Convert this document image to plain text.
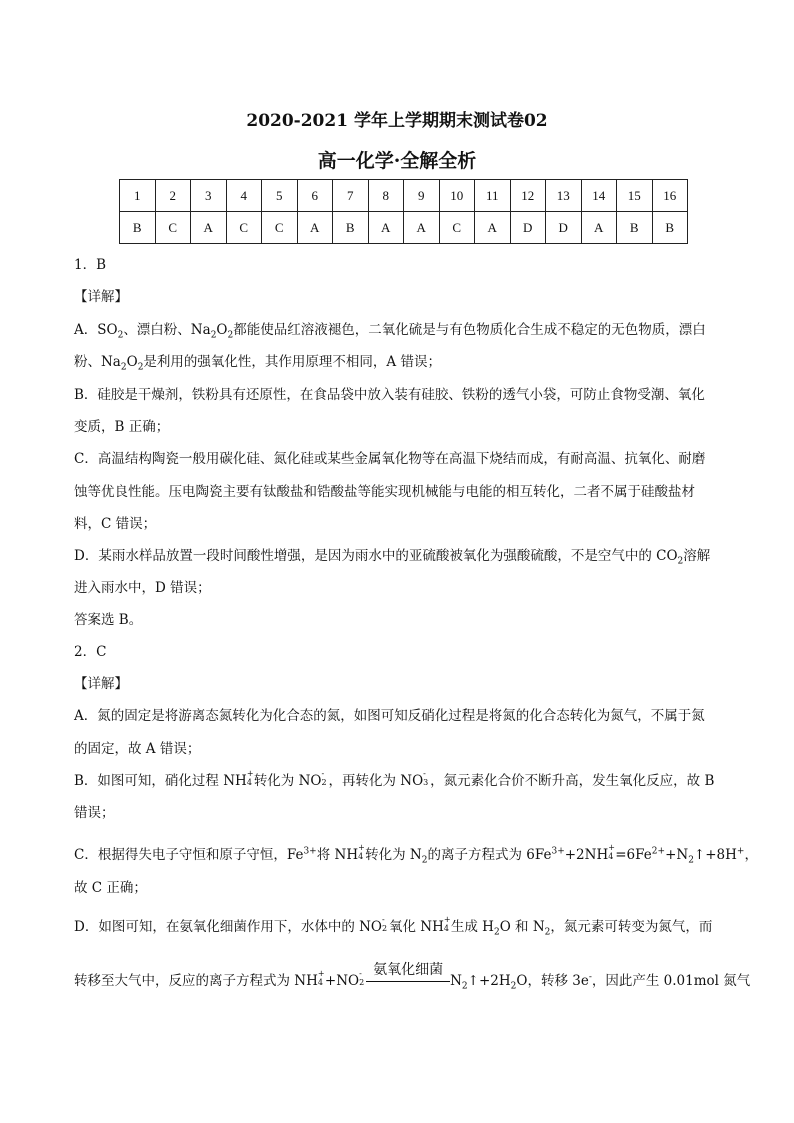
2020-2021 学年上学期期末测试卷02
高一化学·全解全析
1	2	3	4	5	6	7	8	9	10	11	12	13	14	15	16
B	C	A	C	C	A	B	A	A	C	A	D	D	A	B	B
1．B
【详解】
A．$SO_2$、漂白粉、$Na_2O_2$都能使品红溶液褪色，二氧化硫是与有色物质化合生成不稳定的无色物质，漂白
粉、$Na_2O_2$是利用的强氧化性，其作用原理不相同，A 错误；
B．硅胶是干燥剂，铁粉具有还原性，在食品袋中放入装有硅胶、铁粉的透气小袋，可防止食物受潮、氧化
变质，B 正确；
C．高温结构陶瓷一般用碳化硅、氮化硅或某些金属氧化物等在高温下烧结而成，有耐高温、抗氧化、耐磨
蚀等优良性能。压电陶瓷主要有钛酸盐和锆酸盐等能实现机械能与电能的相互转化，二者不属于硅酸盐材
料，C 错误；
D．某雨水样品放置一段时间酸性增强，是因为雨水中的亚硫酸被氧化为强酸硫酸，不是空气中的 $CO_2$溶解
进入雨水中，D 错误；
答案选 B。
2．C
【详解】
A．氮的固定是将游离态氮转化为化合态的氮，如图可知反硝化过程是将氮的化合态转化为氮气，不属于氮
的固定，故 A 错误；
B．如图可知，硝化过程 NH +
4 转化为 NO -
2 ，再转化为 NO -
3 ，氮元素化合价不断升高，发生氧化反应，故 B
错误；
C．根据得失电子守恒和原子守恒，$Fe^{3+}$将 NH +
4 转化为 $N_2$的离子方程式为 $6Fe^{3+}+2NH$ +
$4 =6Fe^{2+}+N_2↑+8H^+$，
故 C 正确；
D．如图可知，在氨氧化细菌作用下，水体中的 NO -
2 氧化 NH +
4 生成 $H_2O$ 和 $N_2$，氮元素可转变为氮气，而
转移至大气中，反应的离子方程式为 NH +
4 +NO -
2
氨氧化细菌
$N_2↑+2H_2O$，转移 3e-，因此产生 0.01mol 氮气
